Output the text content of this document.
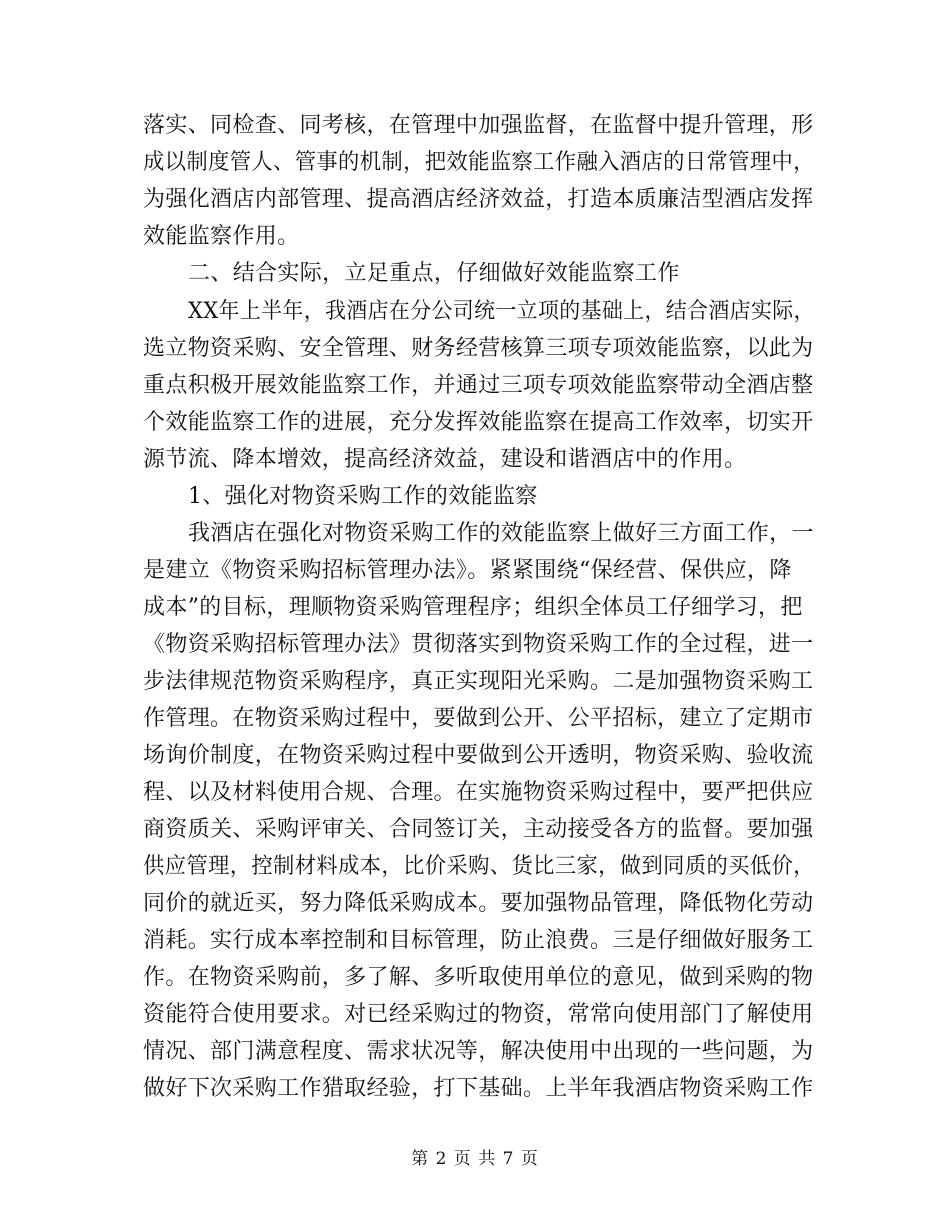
落实、同检查、同考核，在管理中加强监督，在监督中提升管理，形
成以制度管人、管事的机制，把效能监察工作融入酒店的日常管理中，
为强化酒店内部管理、提高酒店经济效益，打造本质廉洁型酒店发挥
效能监察作用。
二、结合实际，立足重点，仔细做好效能监察工作
XX年上半年，我酒店在分公司统一立项的基础上，结合酒店实际，
选立物资采购、安全管理、财务经营核算三项专项效能监察，以此为
重点积极开展效能监察工作，并通过三项专项效能监察带动全酒店整
个效能监察工作的进展，充分发挥效能监察在提高工作效率，切实开
源节流、降本增效，提高经济效益，建设和谐酒店中的作用。
1、强化对物资采购工作的效能监察
我酒店在强化对物资采购工作的效能监察上做好三方面工作，一
是建立《物资采购招标管理办法》。紧紧围绕“保经营、保供应，降
成本”的目标，理顺物资采购管理程序；组织全体员工仔细学习，把
《物资采购招标管理办法》贯彻落实到物资采购工作的全过程，进一
步法律规范物资采购程序，真正实现阳光采购。二是加强物资采购工
作管理。在物资采购过程中，要做到公开、公平招标，建立了定期市
场询价制度，在物资采购过程中要做到公开透明，物资采购、验收流
程、以及材料使用合规、合理。在实施物资采购过程中，要严把供应
商资质关、采购评审关、合同签订关，主动接受各方的监督。要加强
供应管理，控制材料成本，比价采购、货比三家，做到同质的买低价，
同价的就近买，努力降低采购成本。要加强物品管理，降低物化劳动
消耗。实行成本率控制和目标管理，防止浪费。三是仔细做好服务工
作。在物资采购前，多了解、多听取使用单位的意见，做到采购的物
资能符合使用要求。对已经采购过的物资，常常向使用部门了解使用
情况、部门满意程度、需求状况等，解决使用中出现的一些问题，为
做好下次采购工作猎取经验，打下基础。上半年我酒店物资采购工作
第 2 页 共 7 页
